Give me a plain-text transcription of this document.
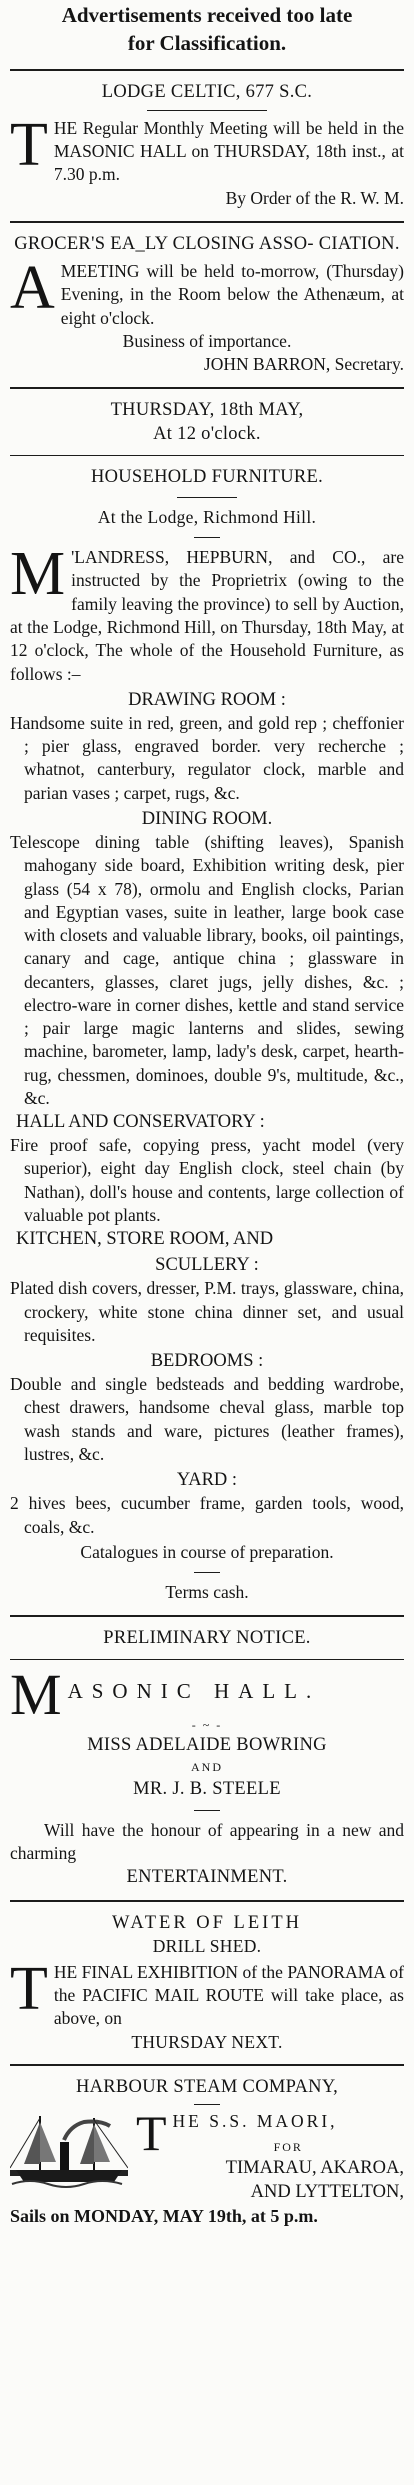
Advertisements received too late
for Classification.
LODGE CELTIC, 677 S.C.

THE Regular Monthly Meeting will be held in the MASONIC HALL on THURSDAY, 18th inst., at 7.30 p.m.

By Order of the R. W. M.
GROCER'S EA_LY CLOSING ASSO- CIATION.

AMEETING will be held to-morrow, (Thursday) Evening, in the Room below the Athenæum, at eight o'clock.

Business of importance.
JOHN BARRON, Secretary.
THURSDAY, 18th MAY,
At 12 o'clock.
HOUSEHOLD FURNITURE.
At the Lodge, Richmond Hill.

M 'LANDRESS, HEPBURN, and CO., are instructed by the Proprietrix (owing to the family leaving the province) to sell by Auction, at the Lodge, Richmond Hill, on Thursday, 18th May, at 12 o'clock, The whole of the Household Furniture, as follows :–

DRAWING ROOM :

Handsome suite in red, green, and gold rep ; cheffonier ; pier glass, engraved border. very recherche ; whatnot, canterbury, regulator clock, marble and parian vases ; carpet, rugs, &c.

DINING ROOM.

Telescope dining table (shifting leaves), Spanish mahogany side board, Exhibition writing desk, pier glass (54 x 78), ormolu and English clocks, Parian and Egyptian vases, suite in leather, large book case with closets and valuable library, books, oil paintings, canary and cage, antique china ; glassware in decanters, glasses, claret jugs, jelly dishes, &c. ; electro-ware in corner dishes, kettle and stand service ; pair large magic lanterns and slides, sewing machine, barometer, lamp, lady's desk, carpet, hearth-rug, chessmen, dominoes, double 9's, multitude, &c., &c.

HALL AND CONSERVATORY :

Fire proof safe, copying press, yacht model (very superior), eight day English clock, steel chain (by Nathan), doll's house and contents, large collection of valuable pot plants.

KITCHEN, STORE ROOM, AND
SCULLERY :

Plated dish covers, dresser, P.M. trays, glassware, china, crockery, white stone china dinner set, and usual requisites.

BEDROOMS :

Double and single bedsteads and bedding wardrobe, chest drawers, handsome cheval glass, marble top wash stands and ware, pictures (leather frames), lustres, &c.

YARD :

2 hives bees, cucumber frame, garden tools, wood, coals, &c.

Catalogues in course of preparation.
Terms cash.
PRELIMINARY NOTICE.
M ASONIC HALL.
- ~ -
MISS ADELAIDE BOWRING
AND
MR. J. B. STEELE

Will have the honour of appearing in a new and charming

ENTERTAINMENT.
WATER OF LEITH
DRILL SHED.

THE FINAL EXHIBITION of the PANORAMA of the PACIFIC MAIL ROUTE will take place, as above, on

THURSDAY NEXT.
HARBOUR STEAM COMPANY,
THE S.S. MAORI,
FOR
TIMARAU, AKAROA,
AND LYTTELTON,
Sails on MONDAY, MAY 19th, at 5 p.m.
